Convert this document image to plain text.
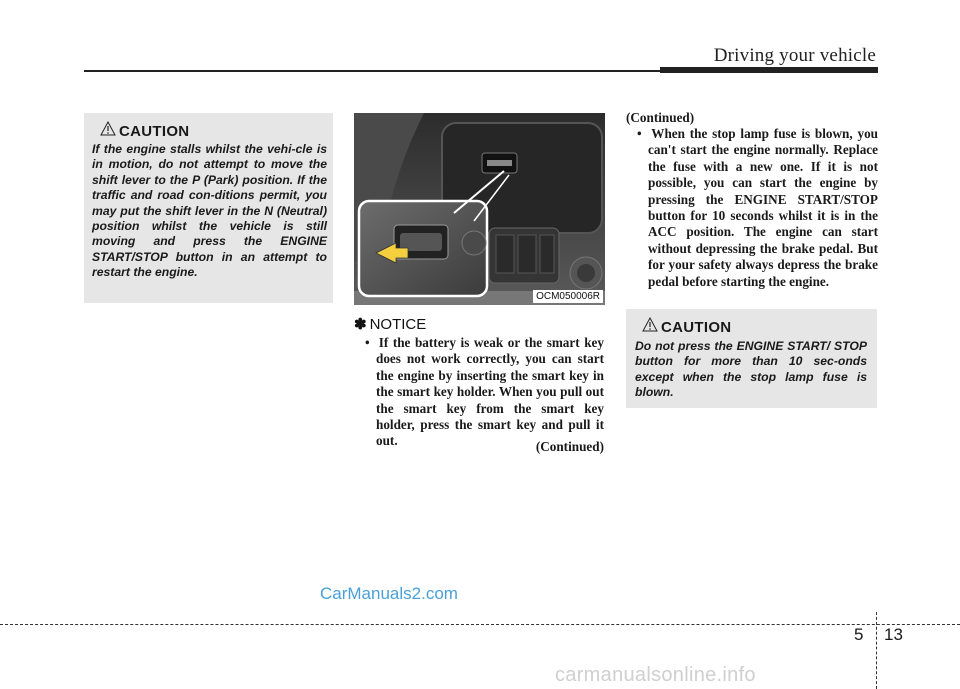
Driving your vehicle
CAUTION
If the engine stalls whilst the vehi-cle is in motion, do not attempt to move the shift lever to the P (Park) position. If the traffic and road con-ditions permit, you may put the shift lever in the N (Neutral) position whilst the vehicle is still moving and press the ENGINE START/STOP button in an attempt to restart the engine.
OCM050006R
✽ NOTICE
• If the battery is weak or the smart key does not work correctly, you can start the engine by inserting the smart key in the smart key holder. When you pull out the smart key from the smart key holder, press the smart key and pull it out.	(Continued)
(Continued)
• When the stop lamp fuse is blown, you can't start the engine normally. Replace the fuse with a new one. If it is not possible, you can start the engine by pressing the ENGINE START/STOP button for 10 seconds whilst it is in the ACC position. The engine can start without depressing the brake pedal. But for your safety always depress the brake pedal before starting the engine.
CAUTION
Do not press the ENGINE START/ STOP button for more than 10 sec-onds except when the stop lamp fuse is blown.
CarManuals2.com
5 13
carmanualsonline.info
